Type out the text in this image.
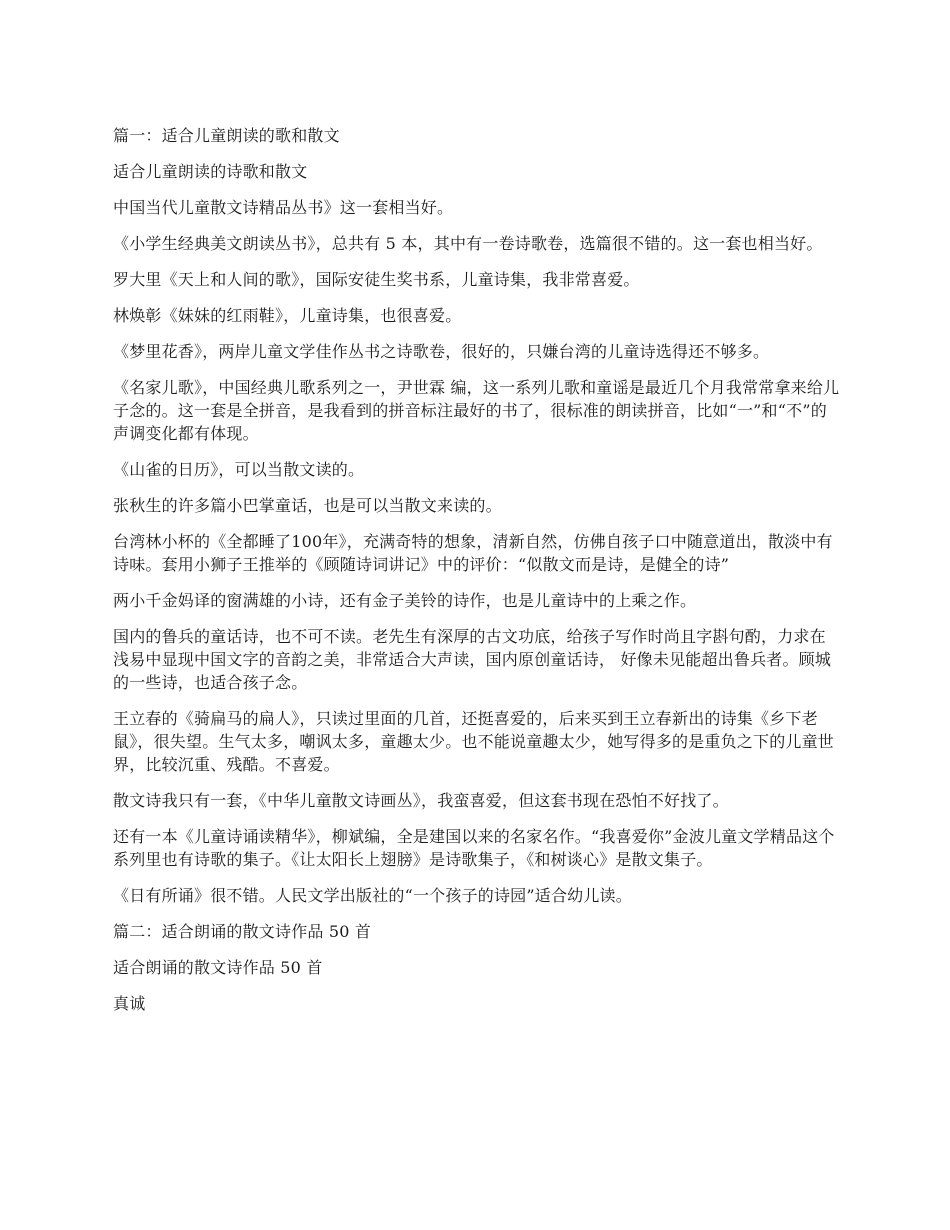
篇一：适合儿童朗读的歌和散文

适合儿童朗读的诗歌和散文

中国当代儿童散文诗精品丛书》这一套相当好。

《小学生经典美文朗读丛书》，总共有 5 本，其中有一卷诗歌卷，选篇很不错的。这一套也相当好。

罗大里《天上和人间的歌》，国际安徒生奖书系，儿童诗集，我非常喜爱。

林焕彰《妹妹的红雨鞋》，儿童诗集，也很喜爱。

《梦里花香》，两岸儿童文学佳作丛书之诗歌卷，很好的，只嫌台湾的儿童诗选得还不够多。

《名家儿歌》，中国经典儿歌系列之一，尹世霖 编，这一系列儿歌和童谣是最近几个月我常常拿来给儿子念的。这一套是全拼音，是我看到的拼音标注最好的书了，很标准的朗读拼音，比如“一”和“不”的声调变化都有体现。

《山雀的日历》，可以当散文读的。

张秋生的许多篇小巴掌童话，也是可以当散文来读的。

台湾林小杯的《全都睡了100年》，充满奇特的想象，清新自然，仿佛自孩子口中随意道出，散淡中有诗味。套用小狮子王推举的《顾随诗词讲记》中的评价：“似散文而是诗，是健全的诗”

两小千金妈译的窗满雄的小诗，还有金子美铃的诗作，也是儿童诗中的上乘之作。

国内的鲁兵的童话诗，也不可不读。老先生有深厚的古文功底，给孩子写作时尚且字斟句酌，力求在浅易中显现中国文字的音韵之美，非常适合大声读，国内原创童话诗， 好像未见能超出鲁兵者。顾城的一些诗，也适合孩子念。

王立春的《骑扁马的扁人》，只读过里面的几首，还挺喜爱的，后来买到王立春新出的诗集《乡下老鼠》，很失望。生气太多，嘲讽太多，童趣太少。也不能说童趣太少，她写得多的是重负之下的儿童世界，比较沉重、残酷。不喜爱。

散文诗我只有一套，《中华儿童散文诗画丛》，我蛮喜爱，但这套书现在恐怕不好找了。

还有一本《儿童诗诵读精华》，柳斌编，全是建国以来的名家名作。“我喜爱你”金波儿童文学精品这个系列里也有诗歌的集子。《让太阳长上翅膀》是诗歌集子，《和树谈心》是散文集子。

《日有所诵》很不错。人民文学出版社的“一个孩子的诗园”适合幼儿读。

篇二：适合朗诵的散文诗作品 50 首

适合朗诵的散文诗作品 50 首

真诚
